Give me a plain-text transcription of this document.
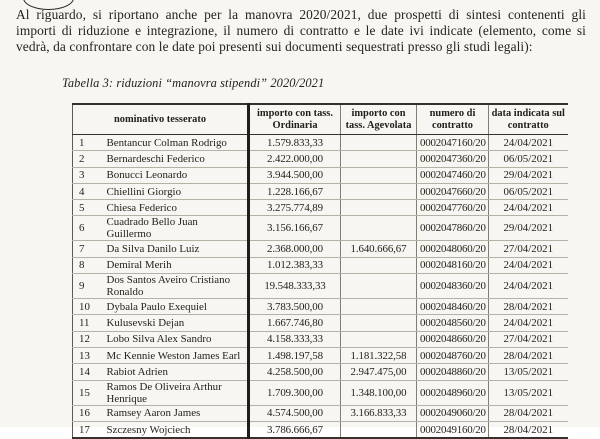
Al riguardo, si riportano anche per la manovra 2020/2021, due prospetti di sintesi contenenti gli
importi di riduzione e integrazione, il numero di contratto e le date ivi indicate (elemento, come si
vedrà, da confrontare con le date poi presenti sui documenti sequestrati presso gli studi legali):
Tabella 3: riduzioni “manovra stipendi” 2020/2021
nominativo tesserato		importo con tass. Ordinaria	importo con tass. Agevolata	numero di contratto	data indicata sul contratto
1	Bentancur Colman Rodrigo	1.579.833,33		0002047160/20	24/04/2021
2	Bernardeschi Federico	2.422.000,00		0002047360/20	06/05/2021
3	Bonucci Leonardo	3.944.500,00		0002047460/20	29/04/2021
4	Chiellini Giorgio	1.228.166,67		0002047660/20	06/05/2021
5	Chiesa Federico	3.275.774,89		0002047760/20	24/04/2021
6	Cuadrado Bello Juan Guillermo	3.156.166,67		0002047860/20	29/04/2021
7	Da Silva Danilo Luiz	2.368.000,00	1.640.666,67	0002048060/20	27/04/2021
8	Demiral Merih	1.012.383,33		0002048160/20	24/04/2021
9	Dos Santos Aveiro Cristiano Ronaldo	19.548.333,33		0002048360/20	24/04/2021
10	Dybala Paulo Exequiel	3.783.500,00		0002048460/20	28/04/2021
11	Kulusevski Dejan	1.667.746,80		0002048560/20	24/04/2021
12	Lobo Silva Alex Sandro	4.158.333,33		0002048660/20	27/04/2021
13	Mc Kennie Weston James Earl	1.498.197,58	1.181.322,58	0002048760/20	28/04/2021
14	Rabiot Adrien	4.258.500,00	2.947.475,00	0002048860/20	13/05/2021
15	Ramos De Oliveira Arthur Henrique	1.709.300,00	1.348.100,00	0002048960/20	13/05/2021
16	Ramsey Aaron James	4.574.500,00	3.166.833,33	0002049060/20	28/04/2021
17	Szczesny Wojciech	3.786.666,67		0002049160/20	28/04/2021
